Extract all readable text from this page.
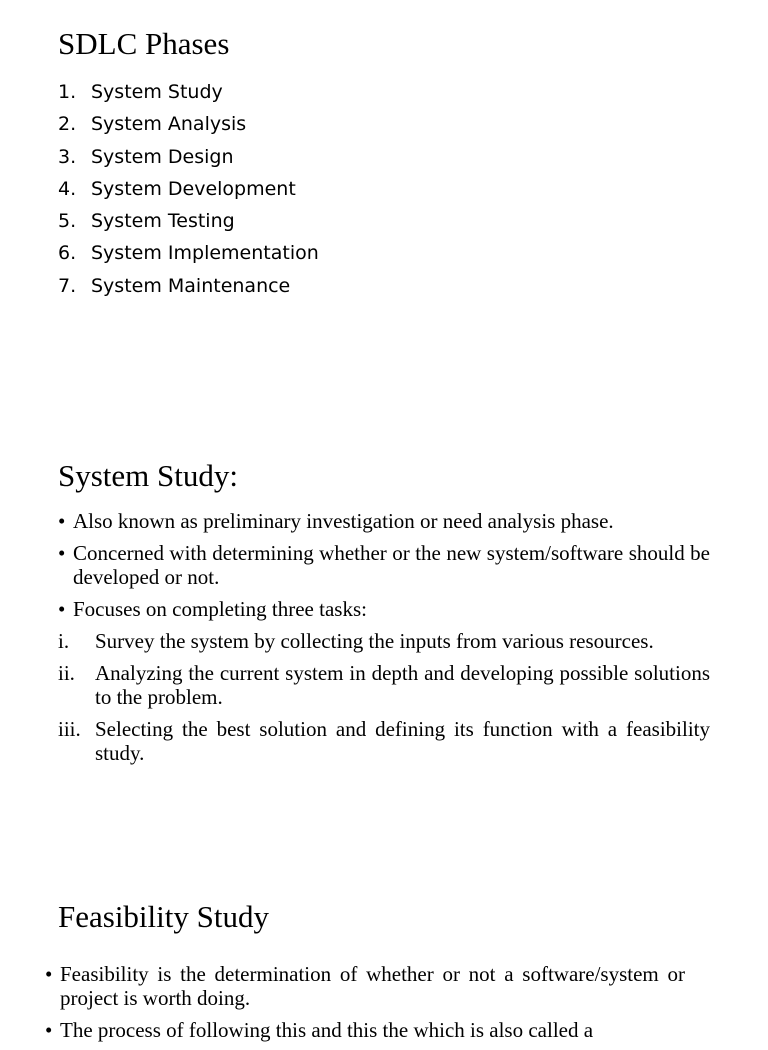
SDLC Phases
1. System Study
2. System Analysis
3. System Design
4. System Development
5. System Testing
6. System Implementation
7. System Maintenance
System Study:
• Also known as preliminary investigation or need analysis phase.
• Concerned with determining whether or the new system/software should be developed or not.
• Focuses on completing three tasks:
i.	Survey the system by collecting the inputs from various resources.
ii. Analyzing the current system in depth and developing possible solutions to the problem.
iii. Selecting the best solution and defining its function with a feasibility study.
Feasibility Study
• Feasibility is the determination of whether or not a software/system or project is worth doing.
• The process of following this and this the which is also called a
